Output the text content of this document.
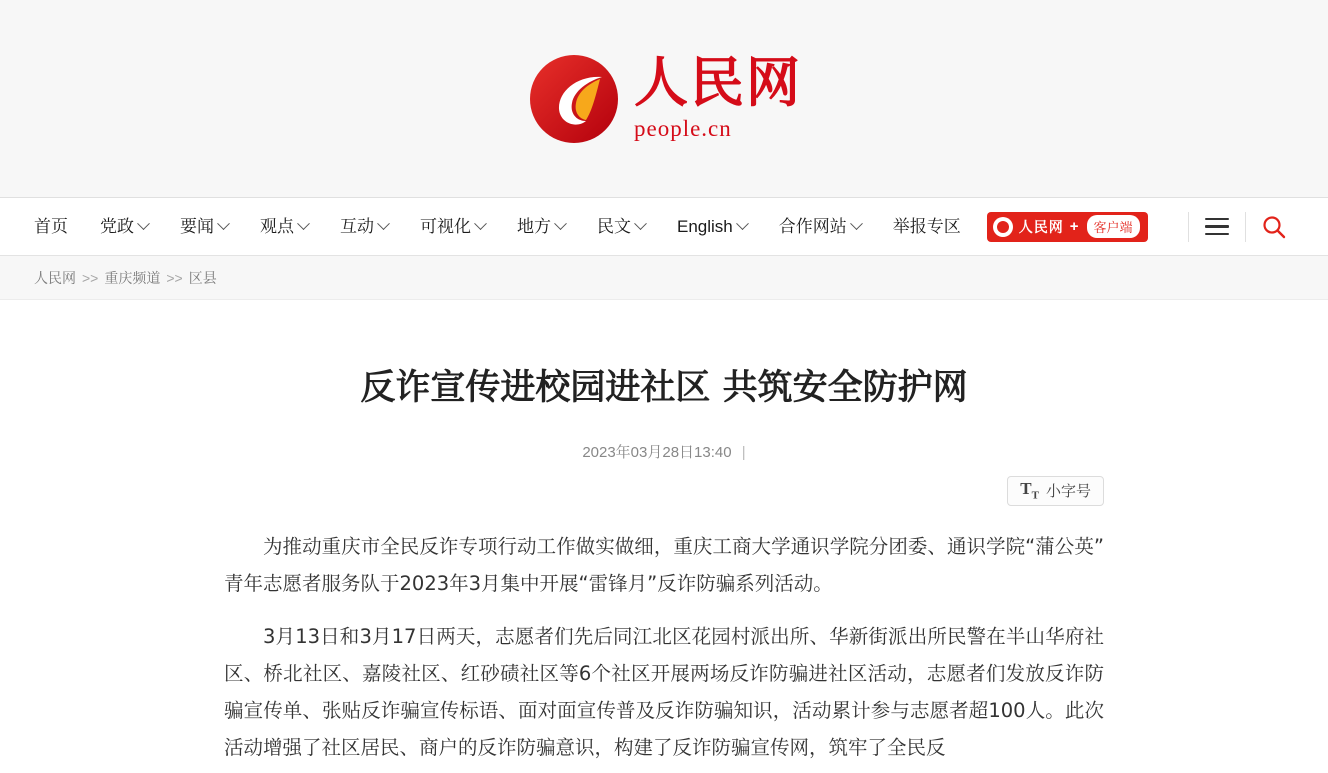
人民网
people.cn
首页 党政	要闻	观点	互动	可视化	地方	民文	English	合作网站	举报专区	人民网 +	客户端
人民网 >> 重庆频道 >> 区县
反诈宣传进校园进社区 共筑安全防护网
2023年03月28日13:40 |
$T_T$ 小字号

为推动重庆市全民反诈专项行动工作做实做细，重庆工商大学通识学院分团委、通识学院“蒲公英”青年志愿者服务队于2023年3月集中开展“雷锋月”反诈防骗系列活动。

3月13日和3月17日两天，志愿者们先后同江北区花园村派出所、华新街派出所民警在半山华府社区、桥北社区、嘉陵社区、红砂碛社区等6个社区开展两场反诈防骗进社区活动，志愿者们发放反诈防骗宣传单、张贴反诈骗宣传标语、面对面宣传普及反诈防骗知识，活动累计参与志愿者超100人。此次活动增强了社区居民、商户的反诈防骗意识，构建了反诈防骗宣传网，筑牢了全民反
